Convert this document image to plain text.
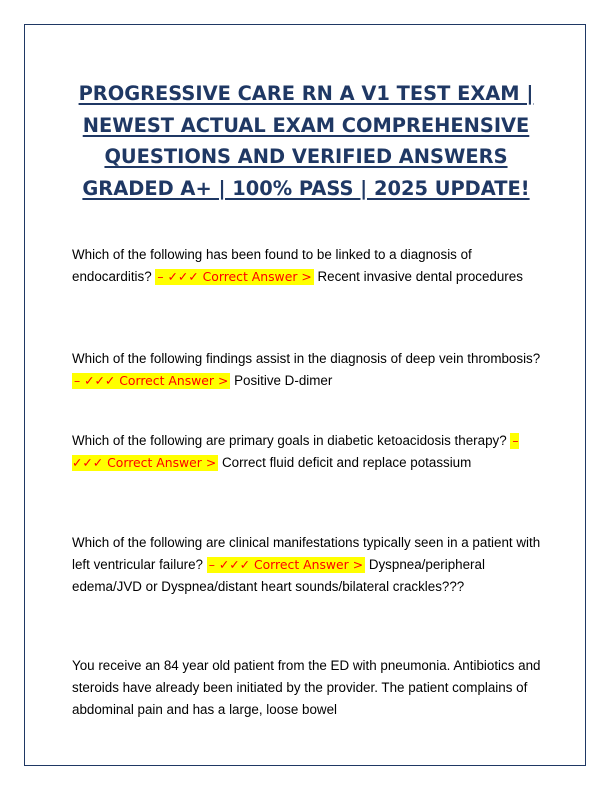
PROGRESSIVE CARE RN A V1 TEST EXAM | NEWEST ACTUAL EXAM COMPREHENSIVE QUESTIONS AND VERIFIED ANSWERS GRADED A+ | 100% PASS | 2025 UPDATE!

Which of the following has been found to be linked to a diagnosis of endocarditis? – ✓✓✓ Correct Answer > Recent invasive dental procedures

Which of the following findings assist in the diagnosis of deep vein thrombosis? – ✓✓✓ Correct Answer > Positive D-dimer

Which of the following are primary goals in diabetic ketoacidosis therapy? – ✓✓✓ Correct Answer > Correct fluid deficit and replace potassium

Which of the following are clinical manifestations typically seen in a patient with left ventricular failure? – ✓✓✓ Correct Answer > Dyspnea/peripheral edema/JVD or Dyspnea/distant heart sounds/bilateral crackles???

You receive an 84 year old patient from the ED with pneumonia. Antibiotics and steroids have already been initiated by the provider. The patient complains of abdominal pain and has a large, loose bowel
